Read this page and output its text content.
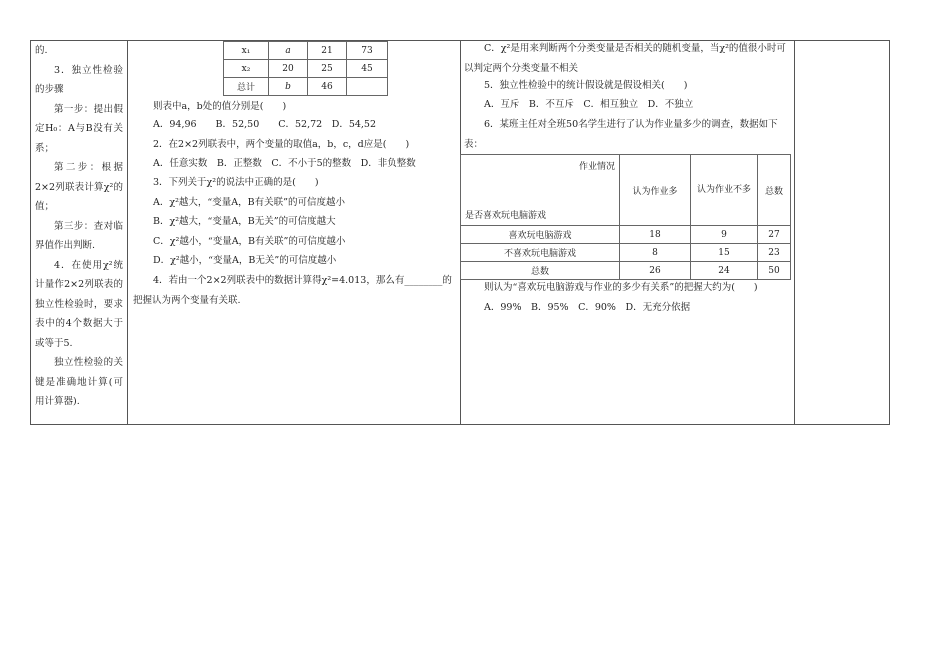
的.

3．独立性检验的步骤

第一步：提出假定H₀：A与B没有关系；

第二步：根据2×2列联表计算χ²的值；

第三步：查对临界值作出判断.

4．在使用χ²统计量作2×2列联表的独立性检验时，要求表中的4个数据大于或等于5.

独立性检验的关键是准确地计算(可用计算器).

x₁	a	21	73
x₂	20	25	45
总计	b	46	

则表中a，b处的值分别是(　　)

A．94,96　　B．52,50　　C．52,72　D．54,52

2．在2×2列联表中，两个变量的取值a，b，c，d应是(　　)

A．任意实数　B．正整数　C．不小于5的整数　D．非负整数

3．下列关于χ²的说法中正确的是(　　)

A．χ²越大，“变量A，B有关联”的可信度越小

B．χ²越大，“变量A，B无关”的可信度越大

C．χ²越小，“变量A，B有关联”的可信度越小

D．χ²越小，“变量A，B无关”的可信度越小

4．若由一个2×2列联表中的数据计算得χ²=4.013，那么有________的把握认为两个变量有关联.

C．χ²是用来判断两个分类变量是否相关的随机变量，当χ²的值很小时可以判定两个分类变量不相关

5．独立性检验中的统计假设就是假设相关(　　)

A．互斥　B．不互斥　C．相互独立　D．不独立

6．某班主任对全班50名学生进行了认为作业量多少的调查，数据如下表：

作业情况
是否喜欢玩电脑游戏	认为作业多	认为作业不多	总数
喜欢玩电脑游戏	18	9	27
不喜欢玩电脑游戏	8	15	23
总数	26	24	50

则认为“喜欢玩电脑游戏与作业的多少有关系”的把握大约为(　　)

A．99%　B．95%　C．90%　D．无充分依据
